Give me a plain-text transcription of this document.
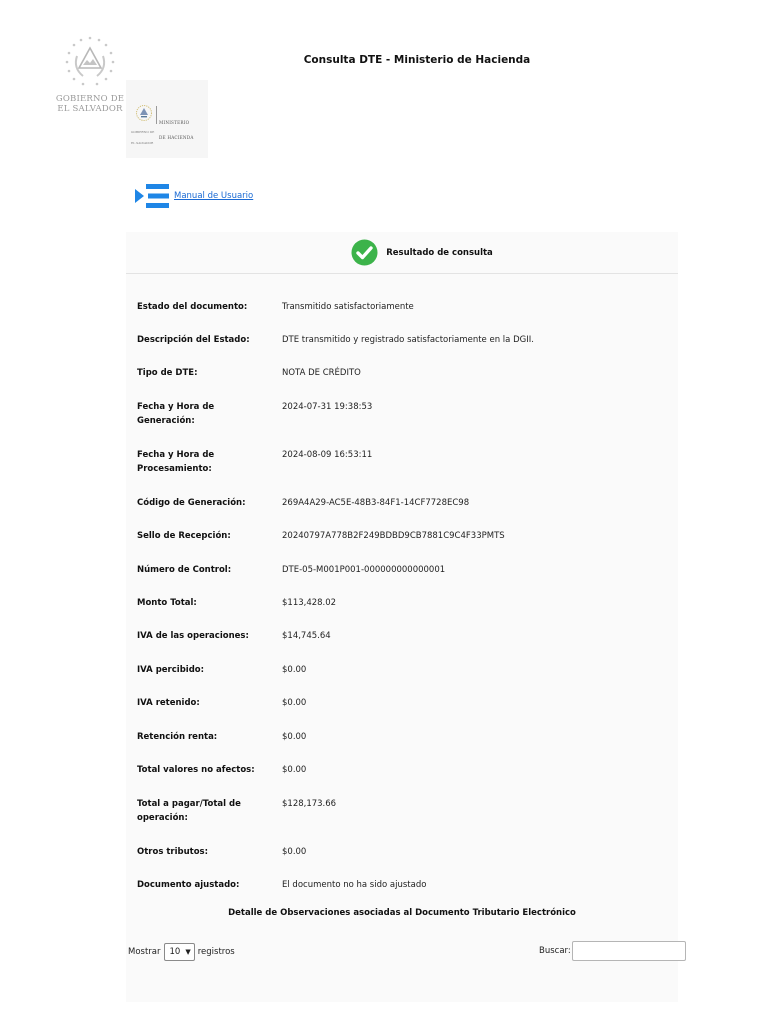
GOBIERNO DE
EL SALVADOR
Consulta DTE - Ministerio de Hacienda

MINISTERIO

DE HACIENDA

GOBIERNO DE

EL SALVADOR

Manual de Usuario
Resultado de consulta
Estado del documento:	Transmitido satisfactoriamente
Descripción del Estado:	DTE transmitido y registrado satisfactoriamente en la DGII.
Tipo de DTE:	NOTA DE CRÉDITO
Fecha y Hora de Generación:
2024-07-31 19:38:53
Fecha y Hora de Procesamiento:
2024-08-09 16:53:11
Código de Generación:	269A4A29-AC5E-48B3-84F1-14CF7728EC98
Sello de Recepción:	20240797A778B2F249BDBD9CB7881C9C4F33PMTS
Número de Control:	DTE-05-M001P001-000000000000001
Monto Total:	$113,428.02
IVA de las operaciones:	$14,745.64
IVA percibido:	$0.00
IVA retenido:	$0.00
Retención renta:	$0.00
Total valores no afectos:	$0.00
Total a pagar/Total de operación:
$128,173.66
Otros tributos:	$0.00
Documento ajustado:	El documento no ha sido ajustado
Detalle de Observaciones asociadas al Documento Tributario Electrónico
Mostrar 10 ▼ registros	Buscar:
